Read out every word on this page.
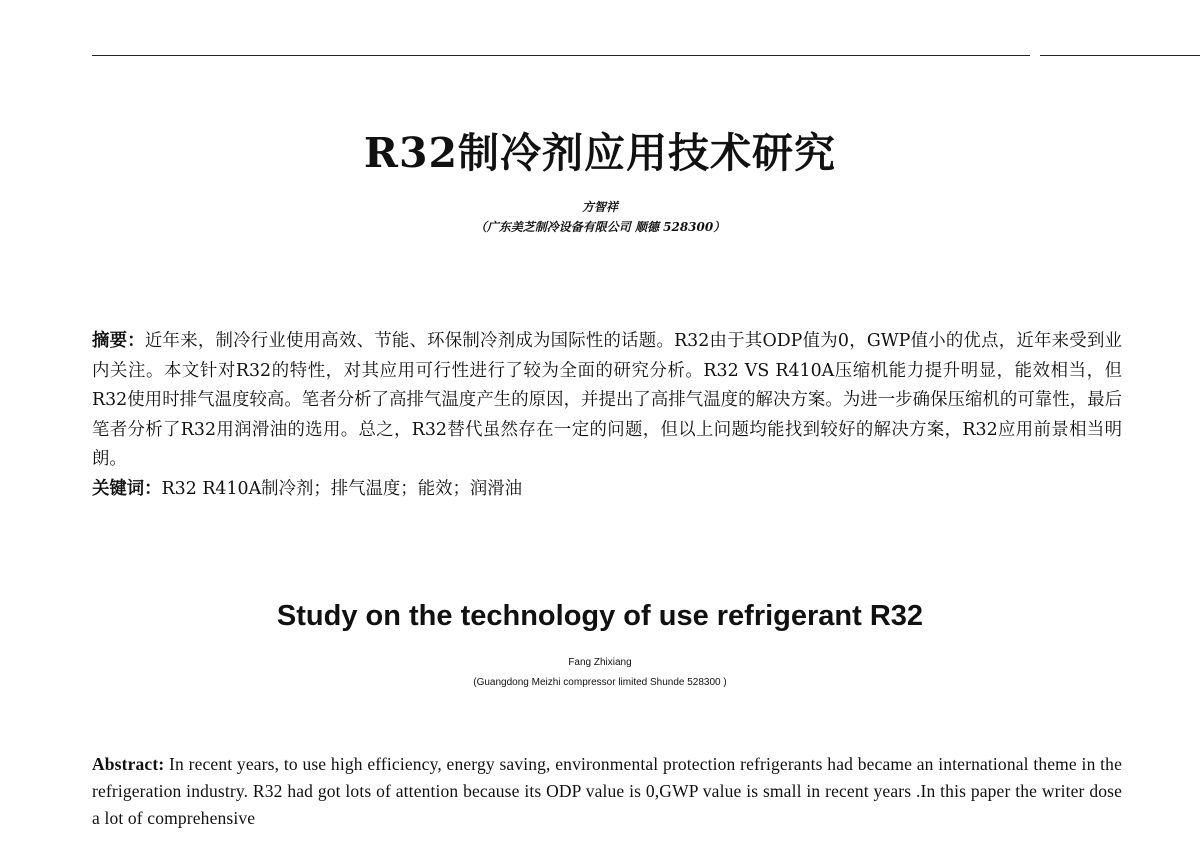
R32制冷剂应用技术研究
方智祥
（广东美芝制冷设备有限公司 顺德 528300）

摘要：近年来，制冷行业使用高效、节能、环保制冷剂成为国际性的话题。R32由于其ODP值为0，GWP值小的优点，近年来受到业内关注。本文针对R32的特性，对其应用可行性进行了较为全面的研究分析。R32 VS R410A压缩机能力提升明显，能效相当，但R32使用时排气温度较高。笔者分析了高排气温度产生的原因，并提出了高排气温度的解决方案。为进一步确保压缩机的可靠性，最后笔者分析了R32用润滑油的选用。总之，R32替代虽然存在一定的问题，但以上问题均能找到较好的解决方案，R32应用前景相当明朗。

关键词：R32 R410A制冷剂；排气温度；能效；润滑油

Study on the technology of use refrigerant R32
Fang Zhixiang
(Guangdong Meizhi compressor limited Shunde 528300 )

Abstract: In recent years, to use high efficiency, energy saving, environmental protection refrigerants had became an international theme in the refrigeration industry. R32 had got lots of attention because its ODP value is 0,GWP value is small in recent years .In this paper the writer dose a lot of comprehensive
